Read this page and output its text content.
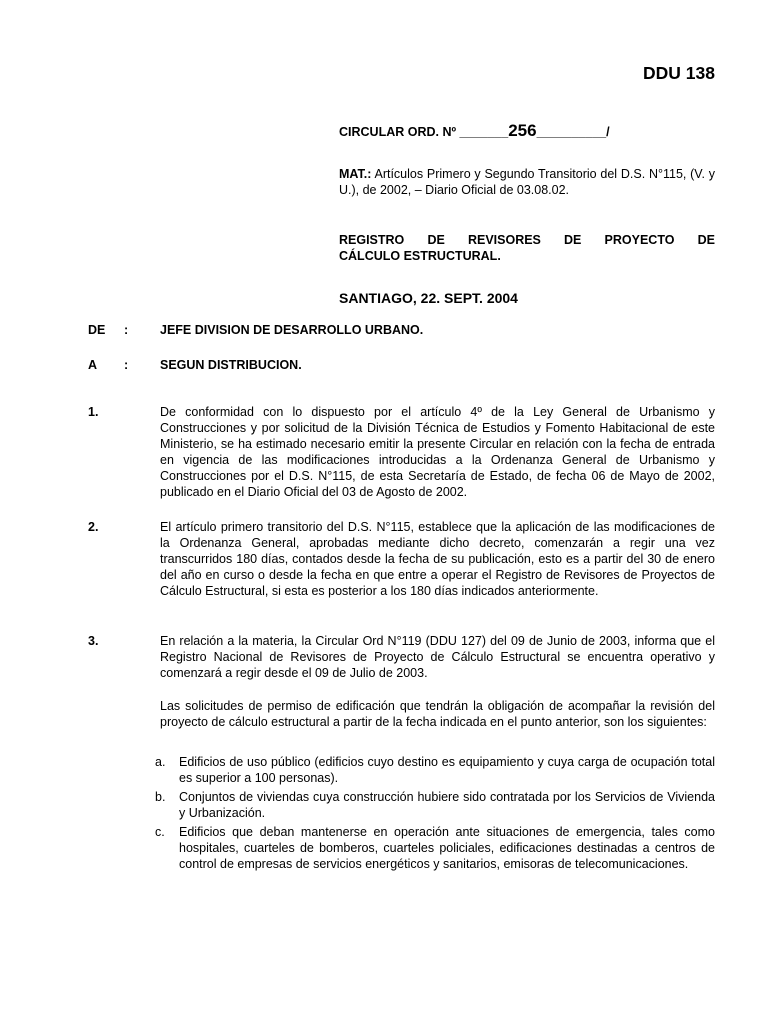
DDU 138
CIRCULAR ORD. Nº _______256__________/
MAT.: Artículos Primero y Segundo Transitorio del D.S. N°115, (V. y U.), de 2002, – Diario Oficial de 03.08.02.
REGISTRO DE REVISORES DE PROYECTO DE
CÁLCULO ESTRUCTURAL.
SANTIAGO, 22. SEPT. 2004
DE	:	JEFE DIVISION DE DESARROLLO URBANO.
A	:	SEGUN DISTRIBUCION.
1.	De conformidad con lo dispuesto por el artículo 4º de la Ley General de Urbanismo y Construcciones y por solicitud de la División Técnica de Estudios y Fomento Habitacional de este Ministerio, se ha estimado necesario emitir la presente Circular en relación con la fecha de entrada en vigencia de las modificaciones introducidas a la Ordenanza General de Urbanismo y Construcciones por el D.S. N°115, de esta Secretaría de Estado, de fecha 06 de Mayo de 2002, publicado en el Diario Oficial del 03 de Agosto de 2002.
2.	El artículo primero transitorio del D.S. N°115, establece que la aplicación de las modificaciones de la Ordenanza General, aprobadas mediante dicho decreto, comenzarán a regir una vez transcurridos 180 días, contados desde la fecha de su publicación, esto es a partir del 30 de enero del año en curso o desde la fecha en que entre a operar el Registro de Revisores de Proyectos de Cálculo Estructural, si esta es posterior a los 180 días indicados anteriormente.
3.	En relación a la materia, la Circular Ord N°119 (DDU 127) del 09 de Junio de 2003, informa que el Registro Nacional de Revisores de Proyecto de Cálculo Estructural se encuentra operativo y comenzará a regir desde el 09 de Julio de 2003.
Las solicitudes de permiso de edificación que tendrán la obligación de acompañar la revisión del proyecto de cálculo estructural a partir de la fecha indicada en el punto anterior, son los siguientes:
a.	Edificios de uso público (edificios cuyo destino es equipamiento y cuya carga de ocupación total es superior a 100 personas).
b.	Conjuntos de viviendas cuya construcción hubiere sido contratada por los Servicios de Vivienda y Urbanización.
c.	Edificios que deban mantenerse en operación ante situaciones de emergencia, tales como hospitales, cuarteles de bomberos, cuarteles policiales, edificaciones destinadas a centros de control de empresas de servicios energéticos y sanitarios, emisoras de telecomunicaciones.
